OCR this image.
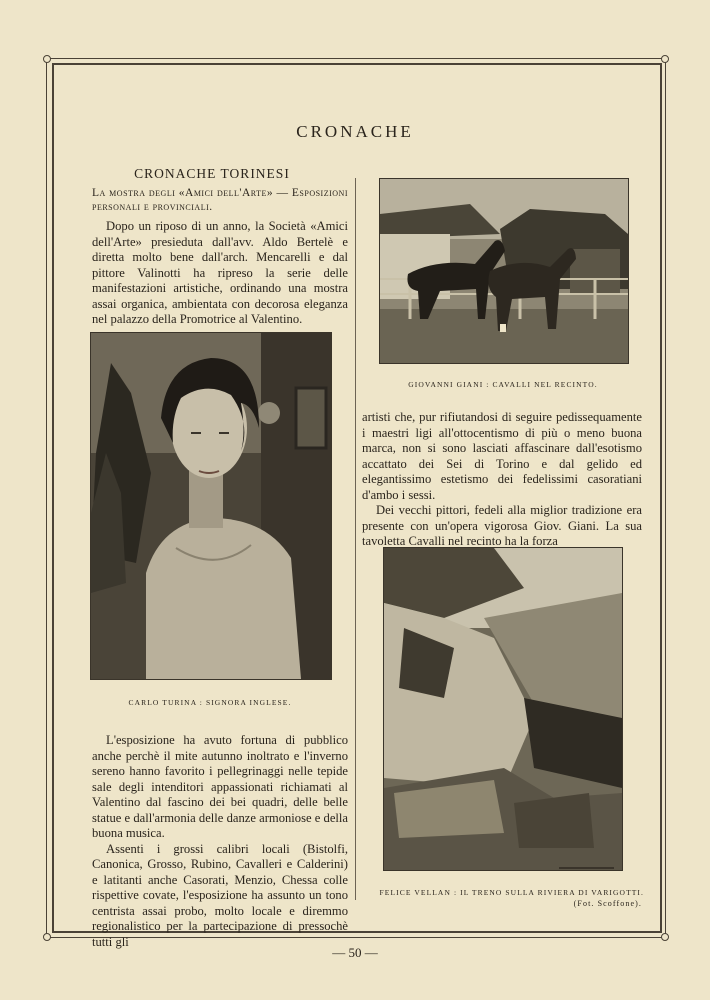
CRONACHE
CRONACHE TORINESI
La mostra degli «Amici dell'Arte» — Esposizioni personali e provinciali.

Dopo un riposo di un anno, la Società «Amici dell'Arte» presieduta dall'avv. Aldo Bertelè e diretta molto bene dall'arch. Mencarelli e dal pittore Valinotti ha ripreso la serie delle manifestazioni artistiche, ordinando una mostra assai organica, ambientata con decorosa eleganza nel palazzo della Promotrice al Valentino.

CARLO TURINA : SIGNORA INGLESE.

L'esposizione ha avuto fortuna di pubblico anche perchè il mite autunno inoltrato e l'inverno sereno hanno favorito i pellegrinaggi nelle tepide sale degli intenditori appassionati richiamati al Valentino dal fascino dei bei quadri, delle belle statue e dall'armonia delle danze armoniose e della buona musica.

Assenti i grossi calibri locali (Bistolfi, Canonica, Grosso, Rubino, Cavalleri e Calderini) e latitanti anche Casorati, Menzio, Chessa colle rispettive covate, l'esposizione ha assunto un tono centrista assai probo, molto locale e diremmo regionalistico per la partecipazione di pressochè tutti gli

GIOVANNI GIANI : CAVALLI NEL RECINTO.

artisti che, pur rifiutandosi di seguire pedissequamente i maestri ligi all'ottocentismo di più o meno buona marca, non si sono lasciati affascinare dall'esotismo accattato dei Sei di Torino e dal gelido ed elegantissimo estetismo dei fedelissimi casoratiani d'ambo i sessi.

Dei vecchi pittori, fedeli alla miglior tradizione era presente con un'opera vigorosa Giov. Giani. La sua tavoletta Cavalli nel recinto ha la forza

FELICE VELLAN : IL TRENO SULLA RIVIERA DI VARIGOTTI.
(Fot. Scoffone).
— 50 —
